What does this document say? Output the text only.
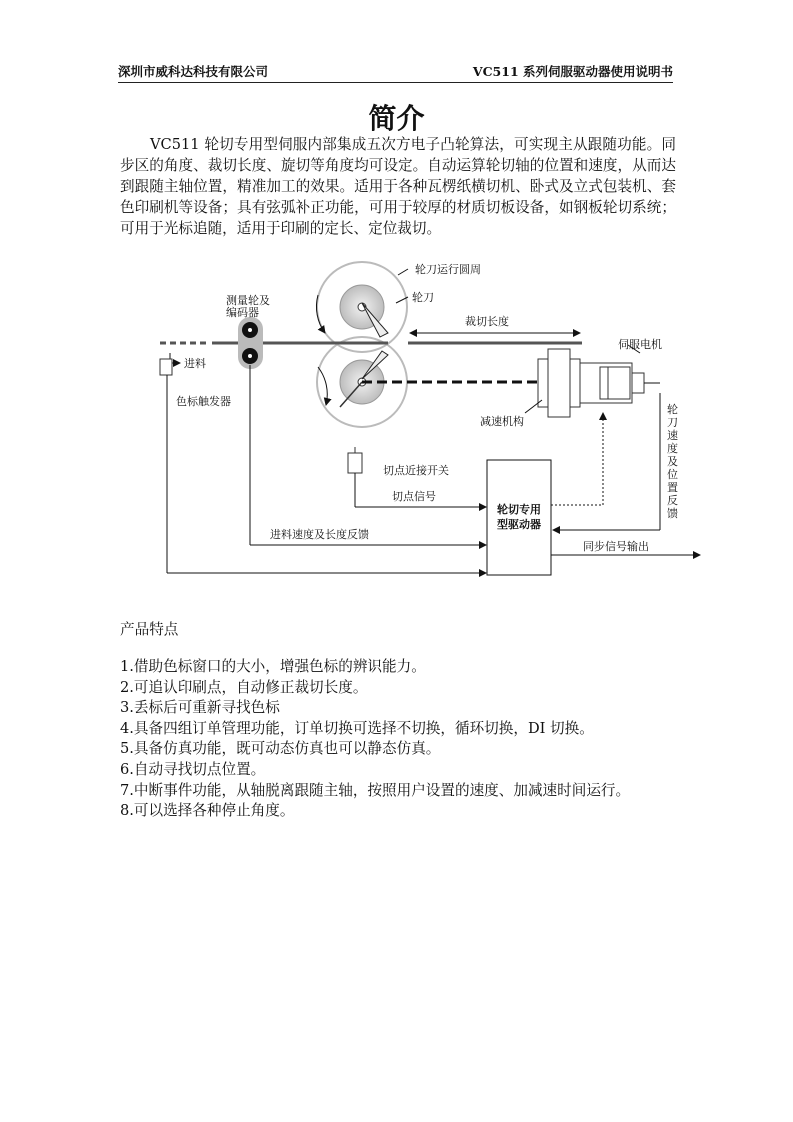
深圳市威科达科技有限公司	VC511 系列伺服驱动器使用说明书
简介

VC511 轮切专用型伺服内部集成五次方电子凸轮算法，可实现主从跟随功能。同步区的角度、裁切长度、旋切等角度均可设定。自动运算轮切轴的位置和速度，从而达到跟随主轴位置，精准加工的效果。适用于各种瓦楞纸横切机、卧式及立式包装机、套色印刷机等设备；具有弦弧补正功能，可用于较厚的材质切板设备，如钢板轮切系统；可用于光标追随，适用于印刷的定长、定位裁切。

轮刀运行圆周
轮刀
测量轮及
编码器
裁切长度
伺服电机
进料
色标触发器
减速机构
轮
刀
速
度
及
位
置
反
馈
切点近接开关
切点信号
轮切专用
型驱动器
进料速度及长度反馈
同步信号输出
产品特点
1.借助色标窗口的大小，增强色标的辨识能力。
2.可追认印刷点，自动修正裁切长度。
3.丢标后可重新寻找色标
4.具备四组订单管理功能，订单切换可选择不切换，循环切换，DI 切换。
5.具备仿真功能，既可动态仿真也可以静态仿真。
6.自动寻找切点位置。
7.中断事件功能，从轴脱离跟随主轴，按照用户设置的速度、加减速时间运行。
8.可以选择各种停止角度。
